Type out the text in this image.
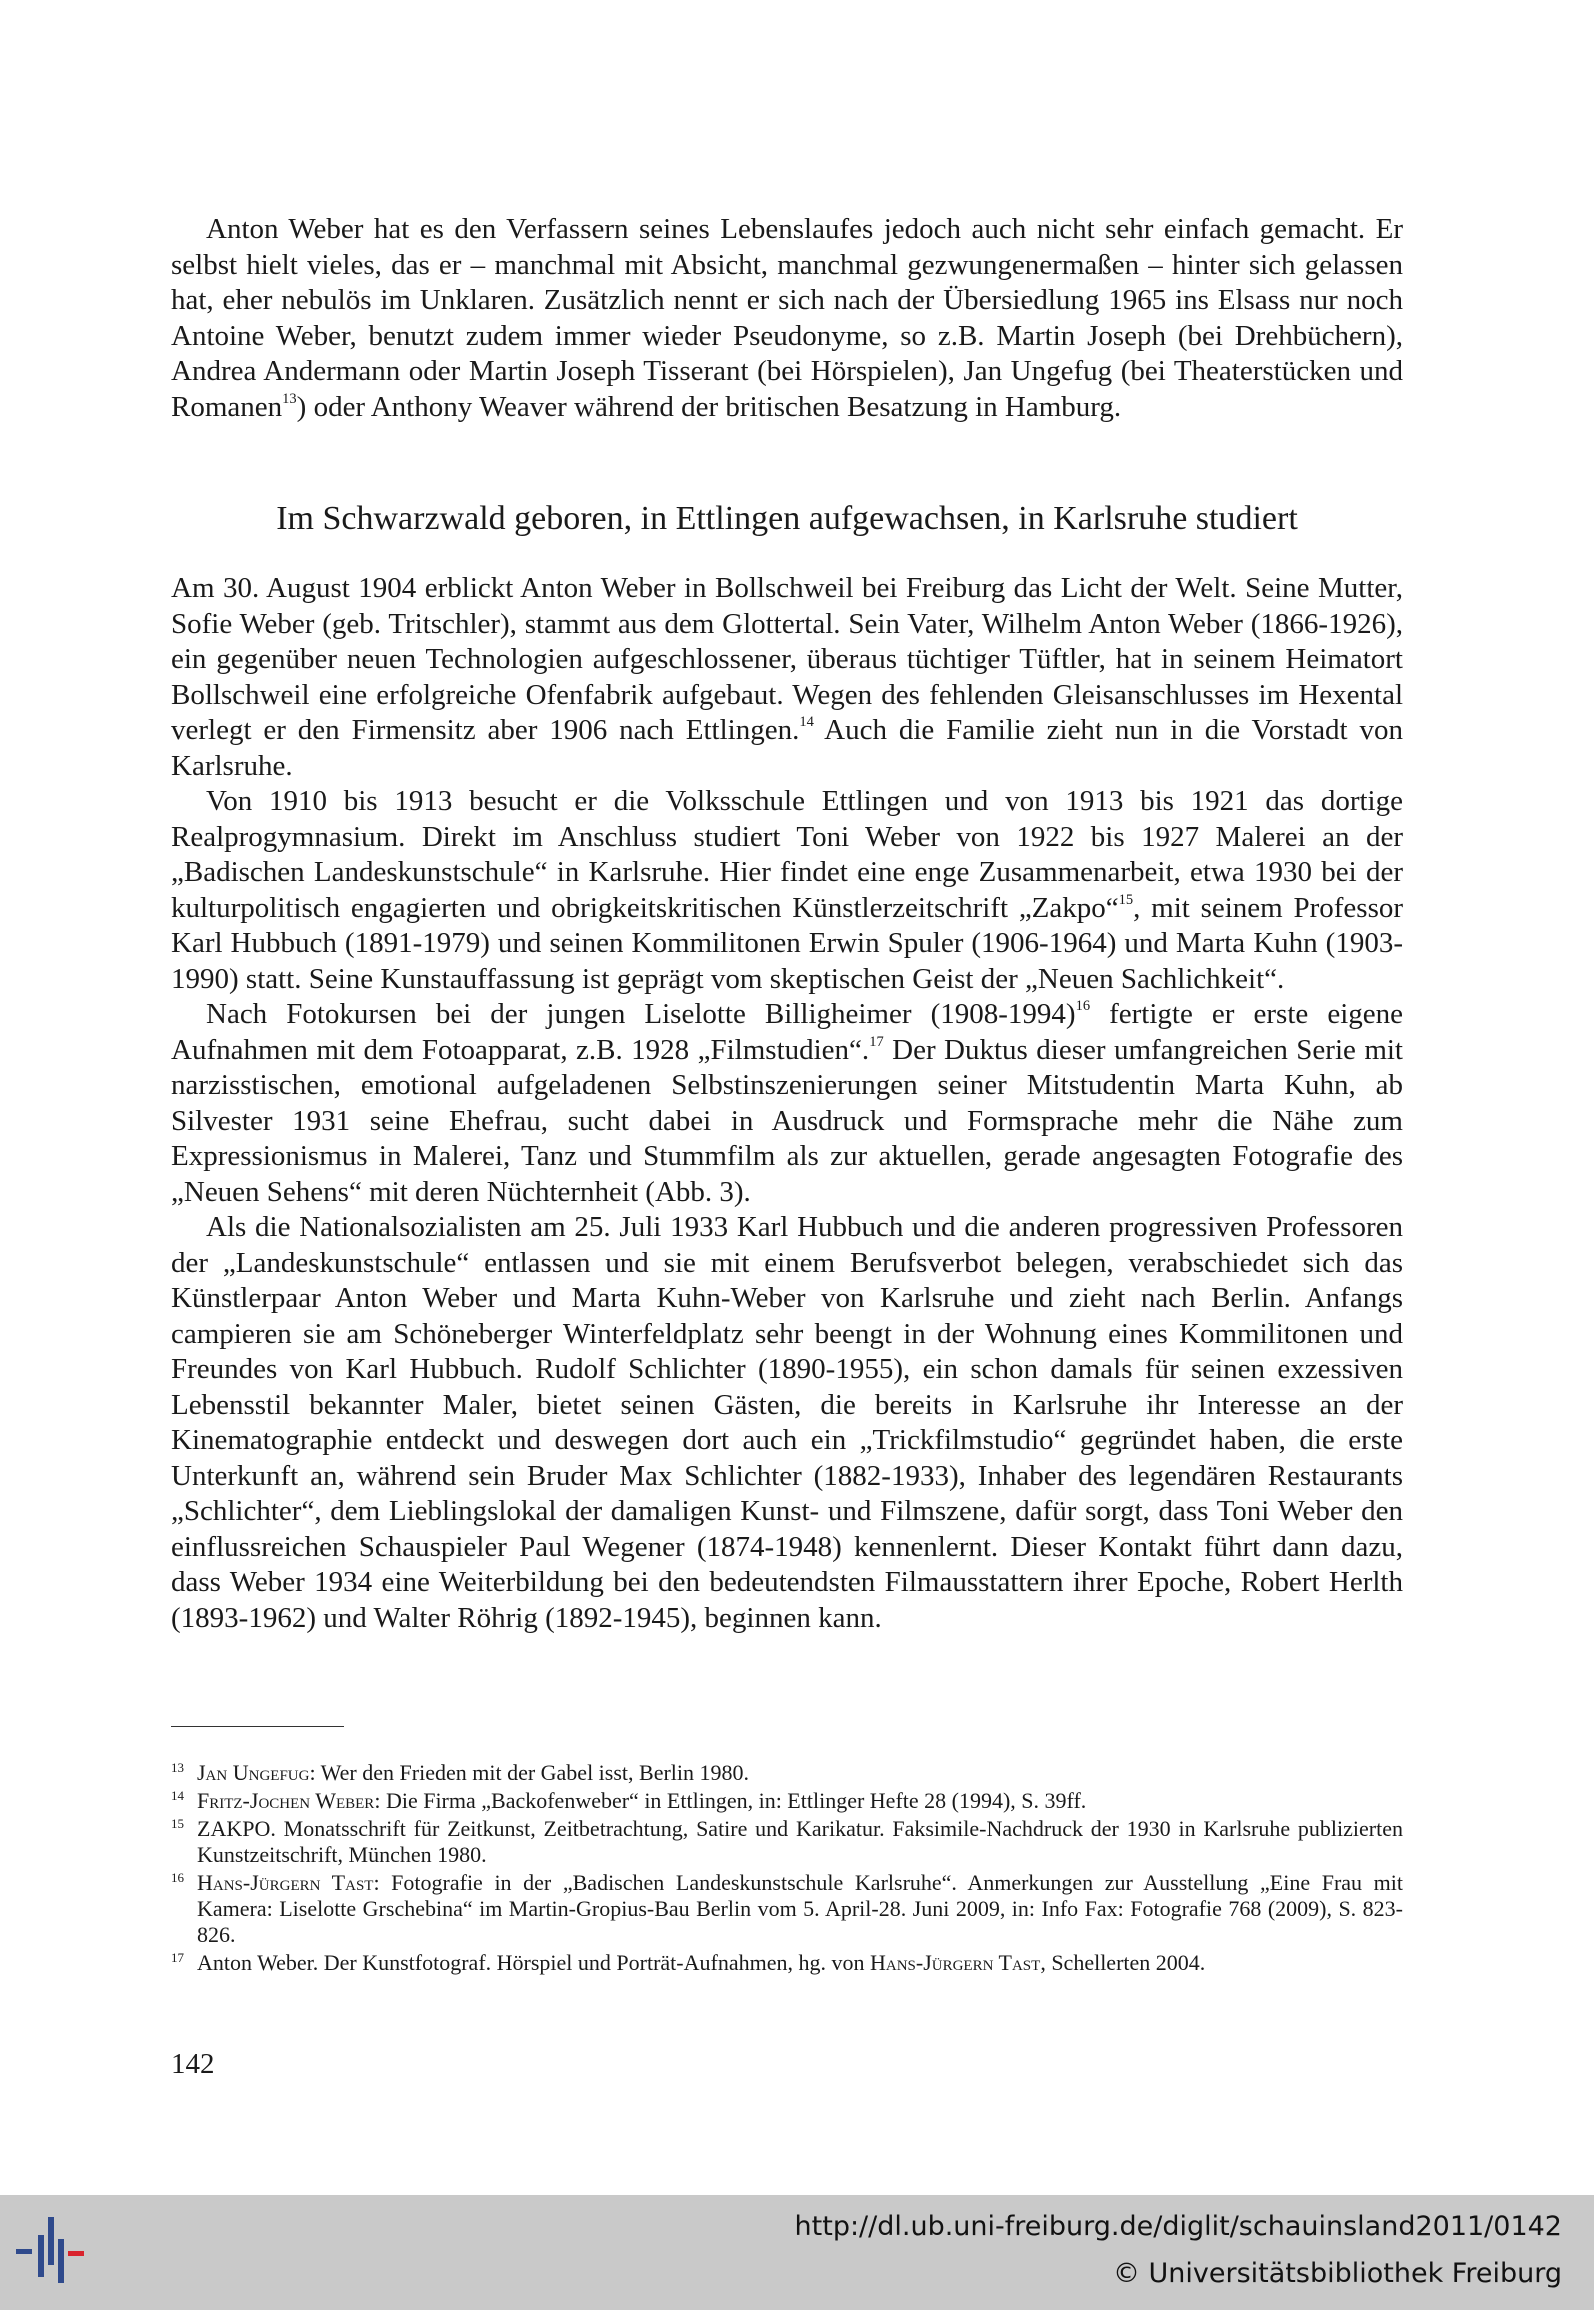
Anton Weber hat es den Verfassern seines Lebenslaufes jedoch auch nicht sehr einfach gemacht. Er selbst hielt vieles, das er – manchmal mit Absicht, manchmal gezwungenermaßen – hinter sich gelassen hat, eher nebulös im Unklaren. Zusätzlich nennt er sich nach der Übersiedlung 1965 ins Elsass nur noch Antoine Weber, benutzt zudem immer wieder Pseudonyme, so z.B. Martin Joseph (bei Drehbüchern), Andrea Andermann oder Martin Joseph Tisserant (bei Hörspielen), Jan Ungefug (bei Theaterstücken und Romanen$^{13}$) oder Anthony Weaver während der britischen Besatzung in Hamburg.

Im Schwarzwald geboren, in Ettlingen aufgewachsen, in Karlsruhe studiert

Am 30. August 1904 erblickt Anton Weber in Bollschweil bei Freiburg das Licht der Welt. Seine Mutter, Sofie Weber (geb. Tritschler), stammt aus dem Glottertal. Sein Vater, Wilhelm Anton Weber (1866-1926), ein gegenüber neuen Technologien aufgeschlossener, überaus tüchtiger Tüftler, hat in seinem Heimatort Bollschweil eine erfolgreiche Ofenfabrik aufgebaut. Wegen des fehlenden Gleisanschlusses im Hexental verlegt er den Firmensitz aber 1906 nach Ettlingen.$^{14}$ Auch die Familie zieht nun in die Vorstadt von Karlsruhe.

Von 1910 bis 1913 besucht er die Volksschule Ettlingen und von 1913 bis 1921 das dortige Realprogymnasium. Direkt im Anschluss studiert Toni Weber von 1922 bis 1927 Malerei an der „Badischen Landeskunstschule“ in Karlsruhe. Hier findet eine enge Zusammenarbeit, etwa 1930 bei der kulturpolitisch engagierten und obrigkeitskritischen Künstlerzeitschrift „Zakpo“$^{15}$, mit seinem Professor Karl Hubbuch (1891-1979) und seinen Kommilitonen Erwin Spuler (1906-1964) und Marta Kuhn (1903-1990) statt. Seine Kunstauffassung ist geprägt vom skeptischen Geist der „Neuen Sachlichkeit“.

Nach Fotokursen bei der jungen Liselotte Billigheimer (1908-1994)$^{16}$ fertigte er erste eigene Aufnahmen mit dem Fotoapparat, z.B. 1928 „Filmstudien“.$^{17}$ Der Duktus dieser umfangreichen Serie mit narzisstischen, emotional aufgeladenen Selbstinszenierungen seiner Mitstudentin Marta Kuhn, ab Silvester 1931 seine Ehefrau, sucht dabei in Ausdruck und Formsprache mehr die Nähe zum Expressionismus in Malerei, Tanz und Stummfilm als zur aktuellen, gerade angesagten Fotografie des „Neuen Sehens“ mit deren Nüchternheit (Abb. 3).

Als die Nationalsozialisten am 25. Juli 1933 Karl Hubbuch und die anderen progressiven Professoren der „Landeskunstschule“ entlassen und sie mit einem Berufsverbot belegen, verabschiedet sich das Künstlerpaar Anton Weber und Marta Kuhn-Weber von Karlsruhe und zieht nach Berlin. Anfangs campieren sie am Schöneberger Winterfeldplatz sehr beengt in der Wohnung eines Kommilitonen und Freundes von Karl Hubbuch. Rudolf Schlichter (1890-1955), ein schon damals für seinen exzessiven Lebensstil bekannter Maler, bietet seinen Gästen, die bereits in Karlsruhe ihr Interesse an der Kinematographie entdeckt und deswegen dort auch ein „Trickfilmstudio“ gegründet haben, die erste Unterkunft an, während sein Bruder Max Schlichter (1882-1933), Inhaber des legendären Restaurants „Schlichter“, dem Lieblingslokal der damaligen Kunst- und Filmszene, dafür sorgt, dass Toni Weber den einflussreichen Schauspieler Paul Wegener (1874-1948) kennenlernt. Dieser Kontakt führt dann dazu, dass Weber 1934 eine Weiterbildung bei den bedeutendsten Filmausstattern ihrer Epoche, Robert Herlth (1893-1962) und Walter Röhrig (1892-1945), beginnen kann.

13 Jan Ungefug: Wer den Frieden mit der Gabel isst, Berlin 1980.
14 Fritz-Jochen Weber: Die Firma „Backofenweber“ in Ettlingen, in: Ettlinger Hefte 28 (1994), S. 39ff.
15 ZAKPO. Monatsschrift für Zeitkunst, Zeitbetrachtung, Satire und Karikatur. Faksimile-Nachdruck der 1930 in Karlsruhe publizierten Kunstzeitschrift, München 1980.
16 Hans-Jürgern Tast: Fotografie in der „Badischen Landeskunstschule Karlsruhe“. Anmerkungen zur Ausstellung „Eine Frau mit Kamera: Liselotte Grschebina“ im Martin-Gropius-Bau Berlin vom 5. April-28. Juni 2009, in: Info Fax: Fotografie 768 (2009), S. 823-826.
17 Anton Weber. Der Kunstfotograf. Hörspiel und Porträt-Aufnahmen, hg. von Hans-Jürgern Tast, Schellerten 2004.
142
http://dl.ub.uni-freiburg.de/diglit/schauinsland2011/0142
© Universitätsbibliothek Freiburg
